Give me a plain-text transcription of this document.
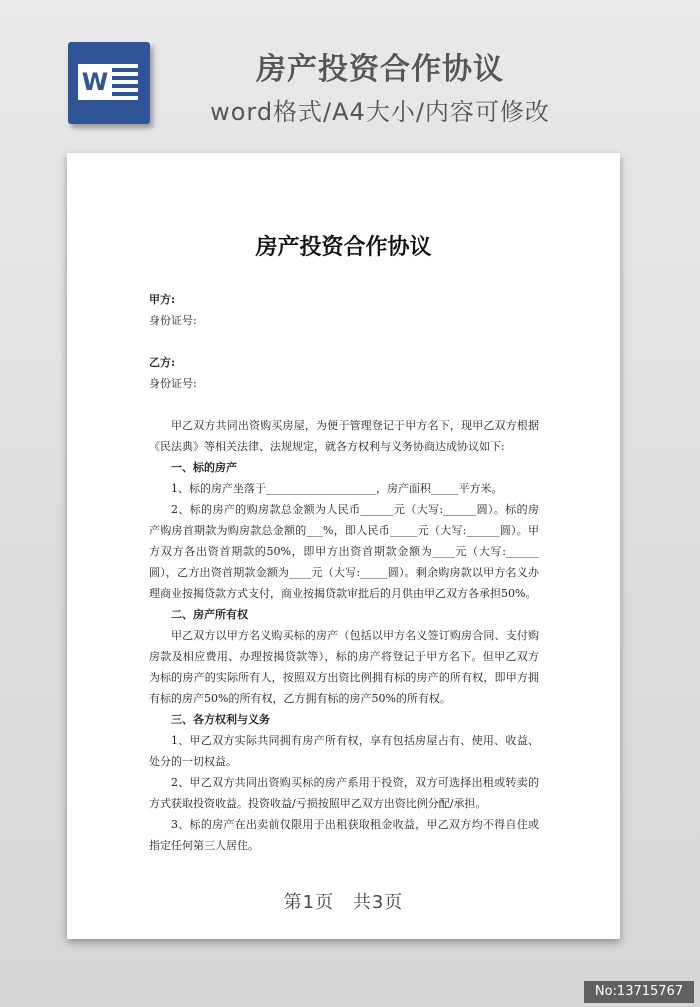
W	房产投资合作协议
word格式/A4大小/内容可修改
房产投资合作协议

甲方:

身份证号:

乙方:

身份证号:

甲乙双方共同出资购买房屋，为便于管理登记于甲方名下，现甲乙双方根据《民法典》等相关法律、法规规定，就各方权利与义务协商达成协议如下:

一、标的房产

1、标的房产坐落于____________________，房产面积_____平方米。

2、标的房产的购房款总金额为人民币______元（大写:______圆）。标的房产购房首期款为购房款总金额的___%，即人民币_____元（大写:______圆）。甲方双方各出资首期款的50%，即甲方出资首期款金额为____元（大写:______圆），乙方出资首期款金额为____元（大写:_____圆）。剩余购房款以甲方名义办理商业按揭贷款方式支付，商业按揭贷款审批后的月供由甲乙双方各承担50%。

二、房产所有权

甲乙双方以甲方名义购买标的房产（包括以甲方名义签订购房合同、支付购房款及相应费用、办理按揭贷款等），标的房产将登记于甲方名下。但甲乙双方为标的房产的实际所有人，按照双方出资比例拥有标的房产的所有权，即甲方拥有标的房产50%的所有权，乙方拥有标的房产50%的所有权。

三、各方权利与义务

1、甲乙双方实际共同拥有房产所有权，享有包括房屋占有、使用、收益、处分的一切权益。

2、甲乙双方共同出资购买标的房产系用于投资，双方可选择出租或转卖的方式获取投资收益。投资收益/亏损按照甲乙双方出资比例分配/承担。

3、标的房产在出卖前仅限用于出租获取租金收益，甲乙双方均不得自住或指定任何第三人居住。

第1页 共3页
No:13715767
